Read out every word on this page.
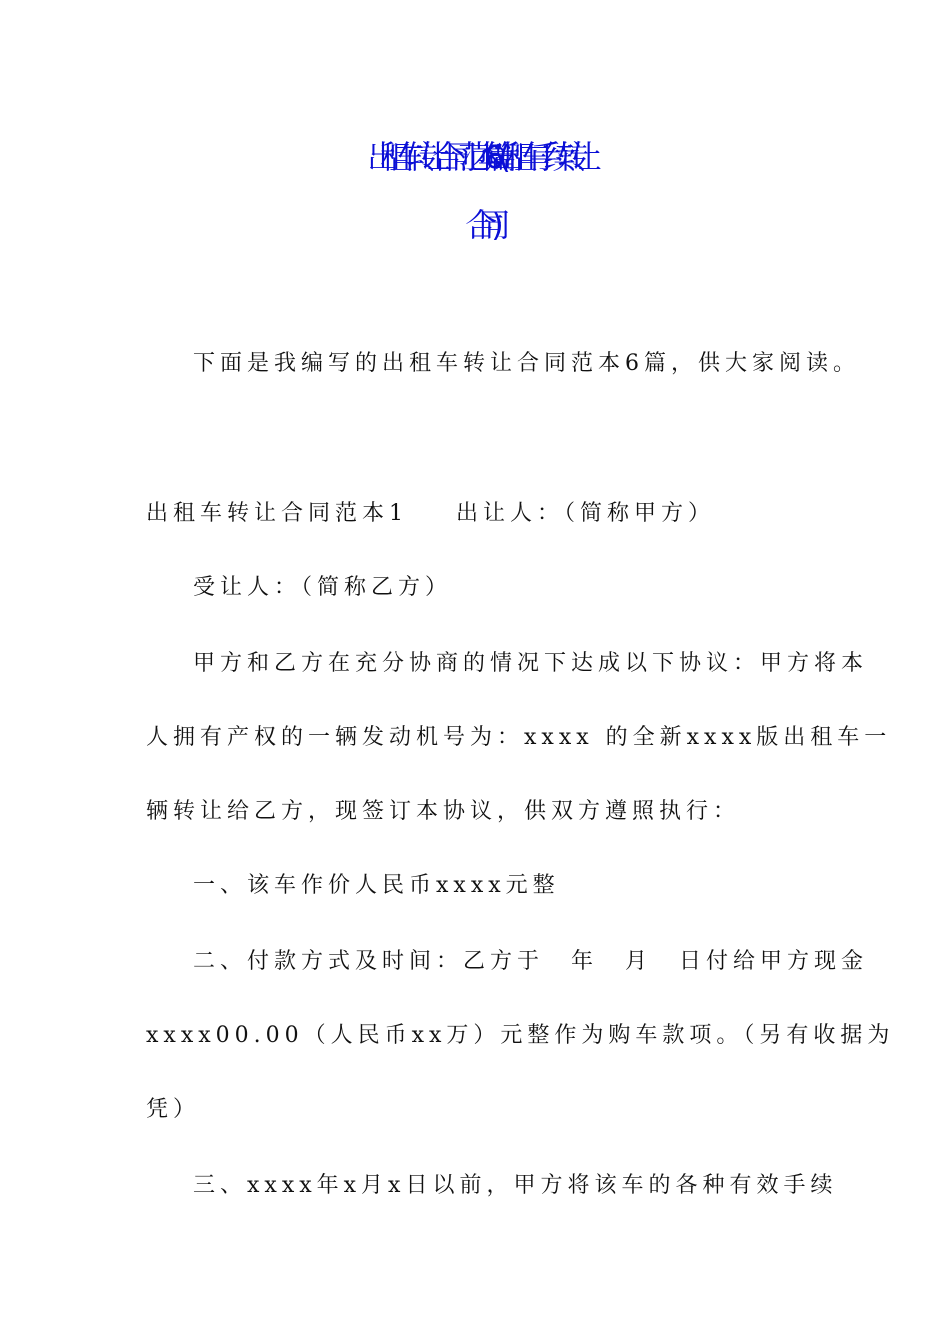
出租车转让合同范本6篇(出租车手续转让
合同)
下面是我编写的出租车转让合同范本6篇，供大家阅读。
出租车转让合同范本1 出让人：（简称甲方）
受让人：（简称乙方）
甲方和乙方在充分协商的情况下达成以下协议：甲方将本
人拥有产权的一辆发动机号为：xxxx 的全新xxxx版出租车一
辆转让给乙方，现签订本协议，供双方遵照执行：
一、该车作价人民币xxxx元整
二、付款方式及时间：乙方于　年　月　日付给甲方现金
xxxx00.00（人民币xx万）元整作为购车款项。（另有收据为
凭）
三、xxxx年x月x日以前，甲方将该车的各种有效手续
